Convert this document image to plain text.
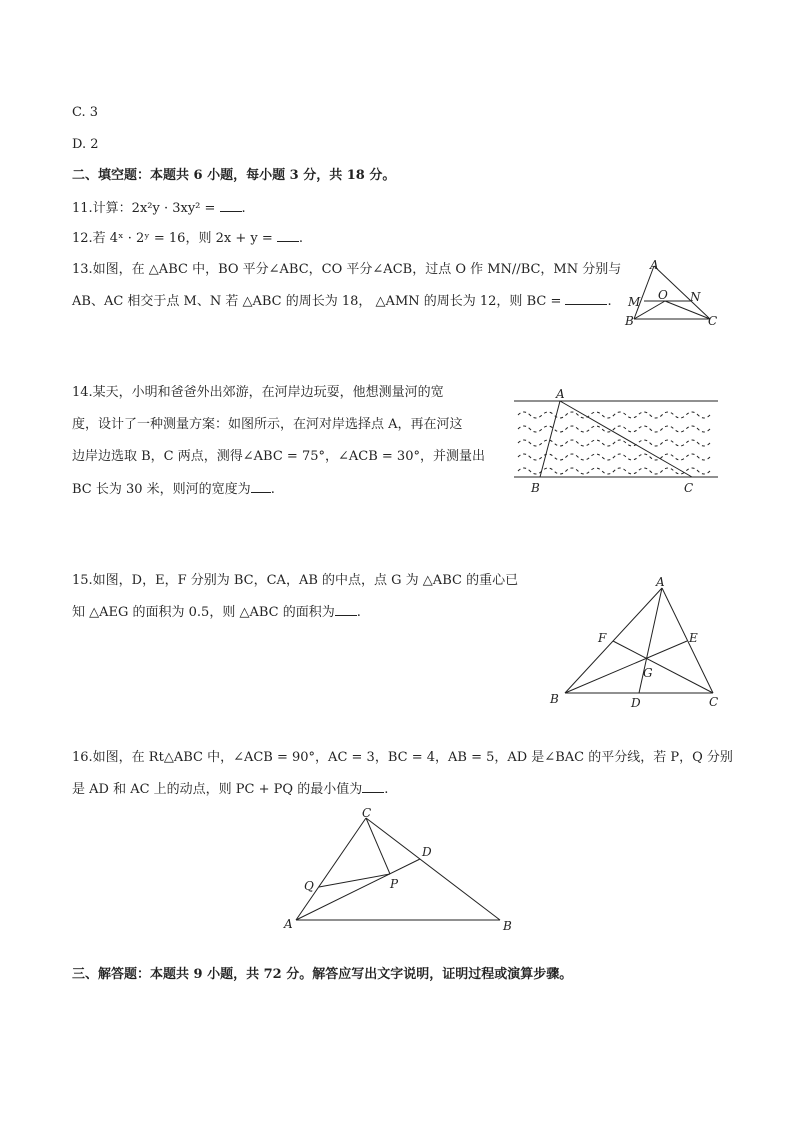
C. 3
D. 2
二、填空题：本题共 6 小题，每小题 3 分，共 18 分。
11.计算：2x²y · 3xy² = .
12.若 4ˣ · 2ʸ = 16，则 2x + y = .
13.如图，在 △ABC 中，BO 平分∠ABC，CO 平分∠ACB，过点 O 作 MN//BC，MN 分别与
AB、AC 相交于点 M、N 若 △ABC 的周长为 18， △AMN 的周长为 12，则 BC =	.
A
M O N
B	C
14.某天，小明和爸爸外出郊游，在河岸边玩耍，他想测量河的宽
度，设计了一种测量方案：如图所示，在河对岸选择点 A，再在河这
边岸边选取 B，C 两点，测得∠ABC = 75°，∠ACB = 30°，并测量出
BC 长为 30 米，则河的宽度为 .
A
B	C
15.如图，D，E，F 分别为 BC，CA，AB 的中点，点 G 为 △ABC 的重心已
知 △AEG 的面积为 0.5，则 △ABC 的面积为 .
A
B	C
D
E
F
G
16.如图，在 Rt△ABC 中，∠ACB = 90°，AC = 3，BC = 4，AB = 5，AD 是∠BAC 的平分线，若 P，Q 分别
是 AD 和 AC 上的动点，则 PC + PQ 的最小值为 .
C
D
Q	P
A	B
三、解答题：本题共 9 小题，共 72 分。解答应写出文字说明，证明过程或演算步骤。
